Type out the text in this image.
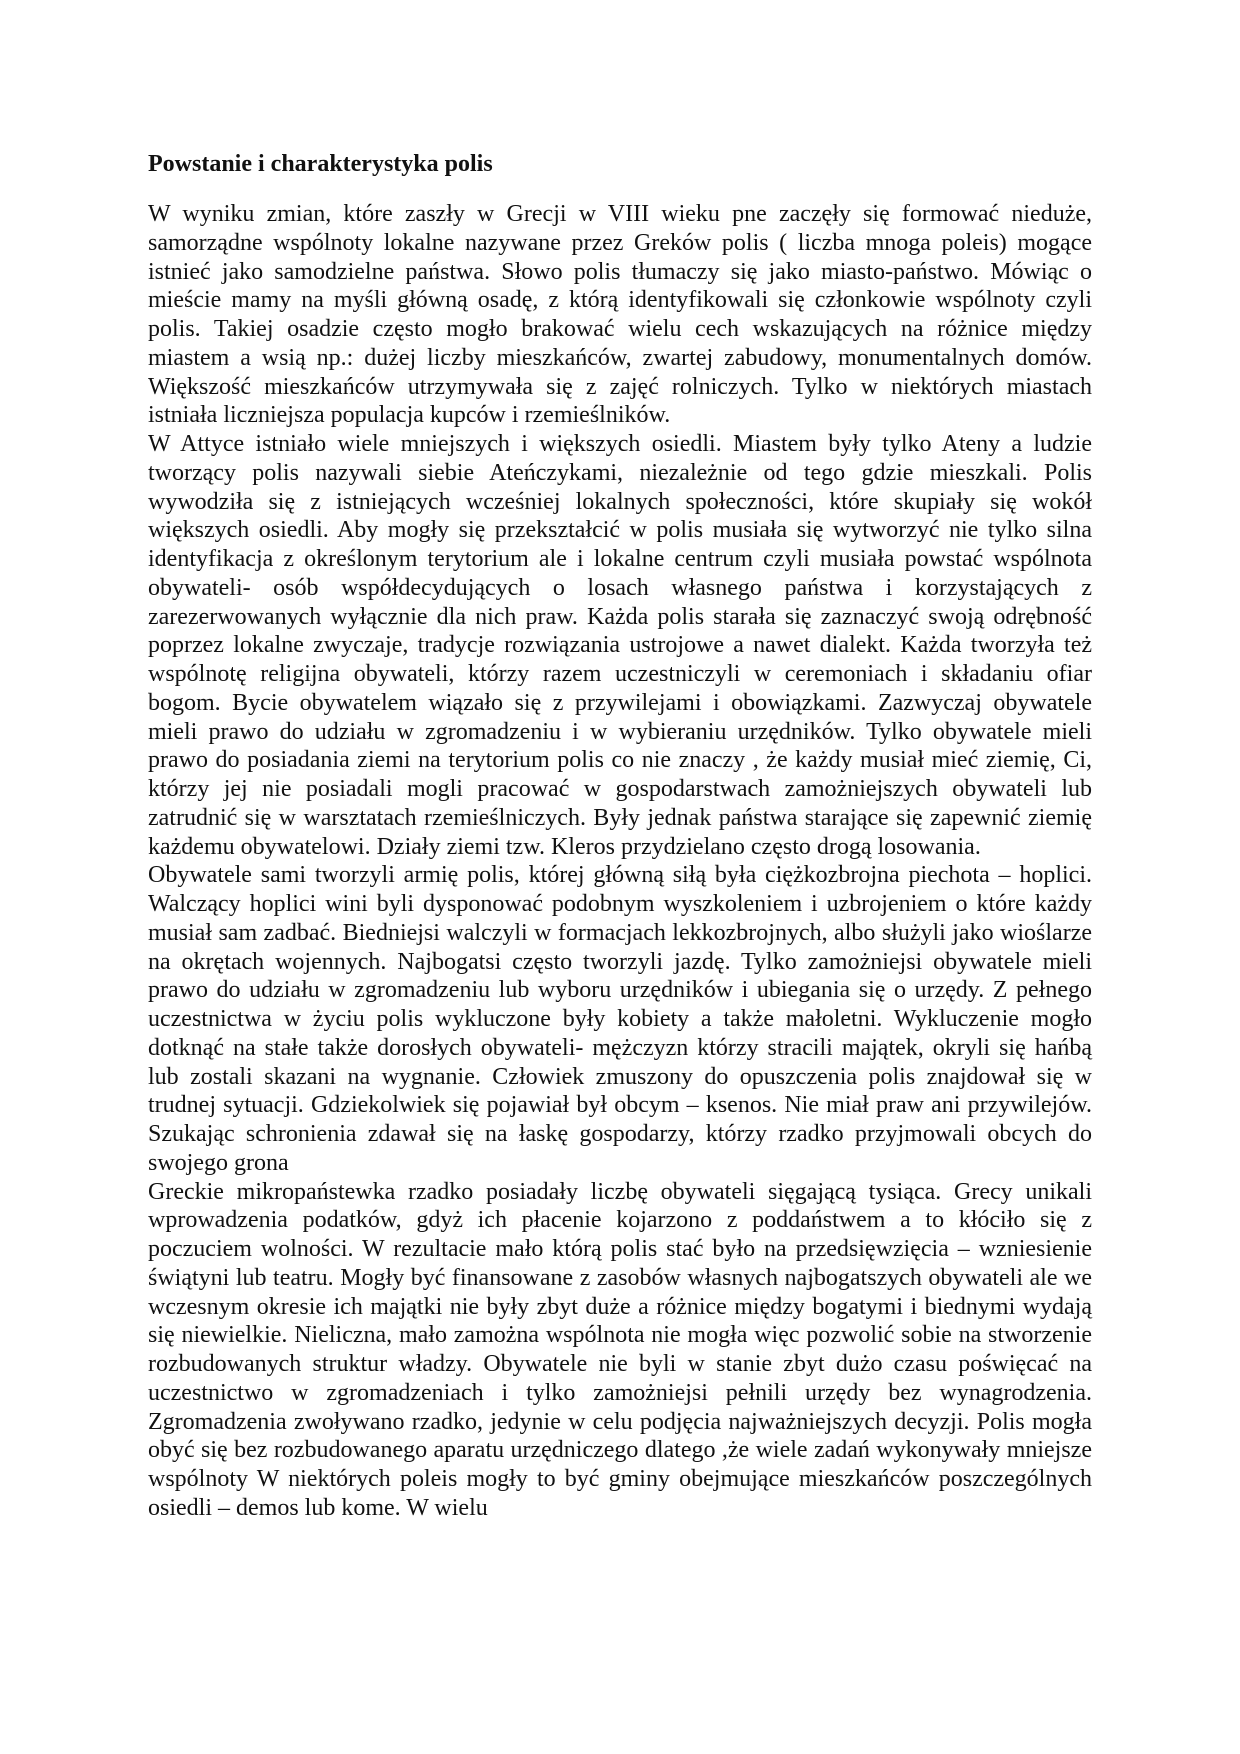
Powstanie i charakterystyka polis

W wyniku zmian, które zaszły w Grecji w VIII wieku pne zaczęły się formować nieduże, samorządne wspólnoty lokalne nazywane przez Greków polis ( liczba mnoga poleis) mogące istnieć jako samodzielne państwa. Słowo polis tłumaczy się jako miasto-państwo. Mówiąc o mieście mamy na myśli główną osadę, z którą identyfikowali się członkowie wspólnoty czyli polis. Takiej osadzie często mogło brakować wielu cech wskazujących na różnice między miastem a wsią np.: dużej liczby mieszkańców, zwartej zabudowy, monumentalnych domów. Większość mieszkańców utrzymywała się z zajęć rolniczych. Tylko w niektórych miastach istniała liczniejsza populacja kupców i rzemieślników.

W Attyce istniało wiele mniejszych i większych osiedli. Miastem były tylko Ateny a ludzie tworzący polis nazywali siebie Ateńczykami, niezależnie od tego gdzie mieszkali. Polis wywodziła się z istniejących wcześniej lokalnych społeczności, które skupiały się wokół większych osiedli. Aby mogły się przekształcić w polis musiała się wytworzyć nie tylko silna identyfikacja z określonym terytorium ale i lokalne centrum czyli musiała powstać wspólnota obywateli- osób współdecydujących o losach własnego państwa i korzystających z zarezerwowanych wyłącznie dla nich praw. Każda polis starała się zaznaczyć swoją odrębność poprzez lokalne zwyczaje, tradycje rozwiązania ustrojowe a nawet dialekt. Każda tworzyła też wspólnotę religijna obywateli, którzy razem uczestniczyli w ceremoniach i składaniu ofiar bogom. Bycie obywatelem wiązało się z przywilejami i obowiązkami. Zazwyczaj obywatele mieli prawo do udziału w zgromadzeniu i w wybieraniu urzędników. Tylko obywatele mieli prawo do posiadania ziemi na terytorium polis co nie znaczy , że każdy musiał mieć ziemię, Ci, którzy jej nie posiadali mogli pracować w gospodarstwach zamożniejszych obywateli lub zatrudnić się w warsztatach rzemieślniczych. Były jednak państwa starające się zapewnić ziemię każdemu obywatelowi. Działy ziemi tzw. Kleros przydzielano często drogą losowania.

Obywatele sami tworzyli armię polis, której główną siłą była ciężkozbrojna piechota – hoplici. Walczący hoplici wini byli dysponować podobnym wyszkoleniem i uzbrojeniem o które każdy musiał sam zadbać. Biedniejsi walczyli w formacjach lekkozbrojnych, albo służyli jako wioślarze na okrętach wojennych. Najbogatsi często tworzyli jazdę. Tylko zamożniejsi obywatele mieli prawo do udziału w zgromadzeniu lub wyboru urzędników i ubiegania się o urzędy. Z pełnego uczestnictwa w życiu polis wykluczone były kobiety a także małoletni. Wykluczenie mogło dotknąć na stałe także dorosłych obywateli- mężczyzn którzy stracili majątek, okryli się hańbą lub zostali skazani na wygnanie. Człowiek zmuszony do opuszczenia polis znajdował się w trudnej sytuacji. Gdziekolwiek się pojawiał był obcym – ksenos. Nie miał praw ani przywilejów. Szukając schronienia zdawał się na łaskę gospodarzy, którzy rzadko przyjmowali obcych do swojego grona

Greckie mikropaństewka rzadko posiadały liczbę obywateli sięgającą tysiąca. Grecy unikali wprowadzenia podatków, gdyż ich płacenie kojarzono z poddaństwem a to kłóciło się z poczuciem wolności. W rezultacie mało którą polis stać było na przedsięwzięcia – wzniesienie świątyni lub teatru. Mogły być finansowane z zasobów własnych najbogatszych obywateli ale we wczesnym okresie ich majątki nie były zbyt duże a różnice między bogatymi i biednymi wydają się niewielkie. Nieliczna, mało zamożna wspólnota nie mogła więc pozwolić sobie na stworzenie rozbudowanych struktur władzy. Obywatele nie byli w stanie zbyt dużo czasu poświęcać na uczestnictwo w zgromadzeniach i tylko zamożniejsi pełnili urzędy bez wynagrodzenia. Zgromadzenia zwoływano rzadko, jedynie w celu podjęcia najważniejszych decyzji. Polis mogła obyć się bez rozbudowanego aparatu urzędniczego dlatego ,że wiele zadań wykonywały mniejsze wspólnoty W niektórych poleis mogły to być gminy obejmujące mieszkańców poszczególnych osiedli – demos lub kome. W wielu
